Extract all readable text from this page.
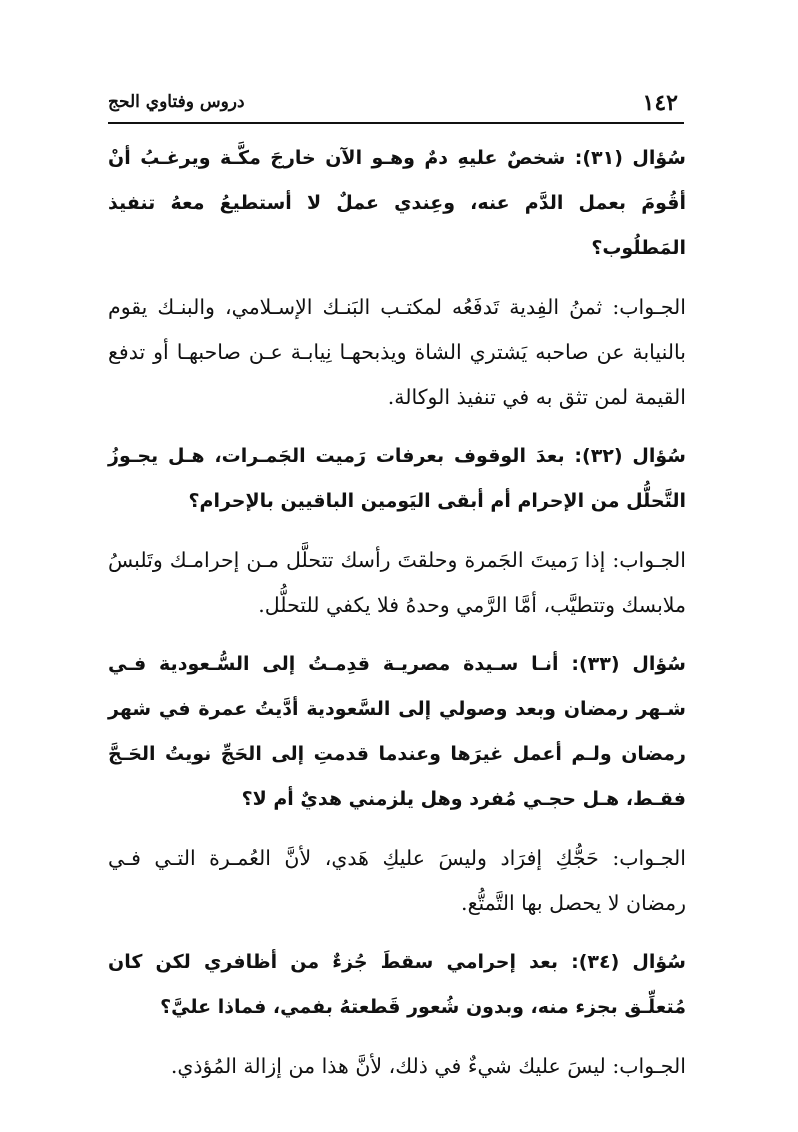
١٤٢
دروس وفتاوي الحج

سُؤال (٣١): شخصٌ عليهِ دمٌ وهـو الآن خارجَ مكَّـة ويرغـبُ أنْ أقُومَ بعمل الدَّم عنه، وعِندي عملٌ لا أستطيعُ معهُ تنفيذ المَطلُوب؟

الجـواب: ثمنُ الفِدية تَدفَعُه لمكتـب البَنـك الإسـلامي، والبنـك يقوم بالنيابة عن صاحبه يَشتري الشاة ويذبحهـا نِيابـة عـن صاحبهـا أو تدفع القيمة لمن تثق به في تنفيذ الوكالة.

سُؤال (٣٢): بعدَ الوقوف بعرفات رَميت الجَمـرات، هـل يجـوزُ التَّحلُّل من الإحرام أم أبقى اليَومين الباقيين بالإحرام؟

الجـواب: إذا رَميتَ الجَمرة وحلقتَ رأسك تتحلَّل مـن إحرامـك وتَلبسُ ملابسك وتتطيَّب، أمَّا الرَّمي وحدهُ فلا يكفي للتحلُّل.

سُؤال (٣٣): أنـا سـيدة مصريـة قدِمـتُ إلى السُّـعودية فـي شـهر رمضان وبعد وصولي إلى السَّعودية أدَّيتُ عمرة في شهر رمضان ولـم أعمل غيرَها وعندما قدمتِ إلى الحَجِّ نويتُ الحَـجَّ فقـط، هـل حجـي مُفرد وهل يلزمني هديٌ أم لا؟

الجـواب: حَجُّكِ إفرَاد وليسَ عليكِ هَدي، لأنَّ العُمـرة التـي فـي رمضان لا يحصل بها التَّمتُّع.

سُؤال (٣٤): بعد إحرامي سقطَ جُزءٌ من أظافري لكن كان مُتعلِّـق بجزء منه، وبدون شُعور قَطعتهُ بفمي، فماذا عليَّ؟

الجـواب: ليسَ عليك شيءٌ في ذلك، لأنَّ هذا من إزالة المُؤذي.
